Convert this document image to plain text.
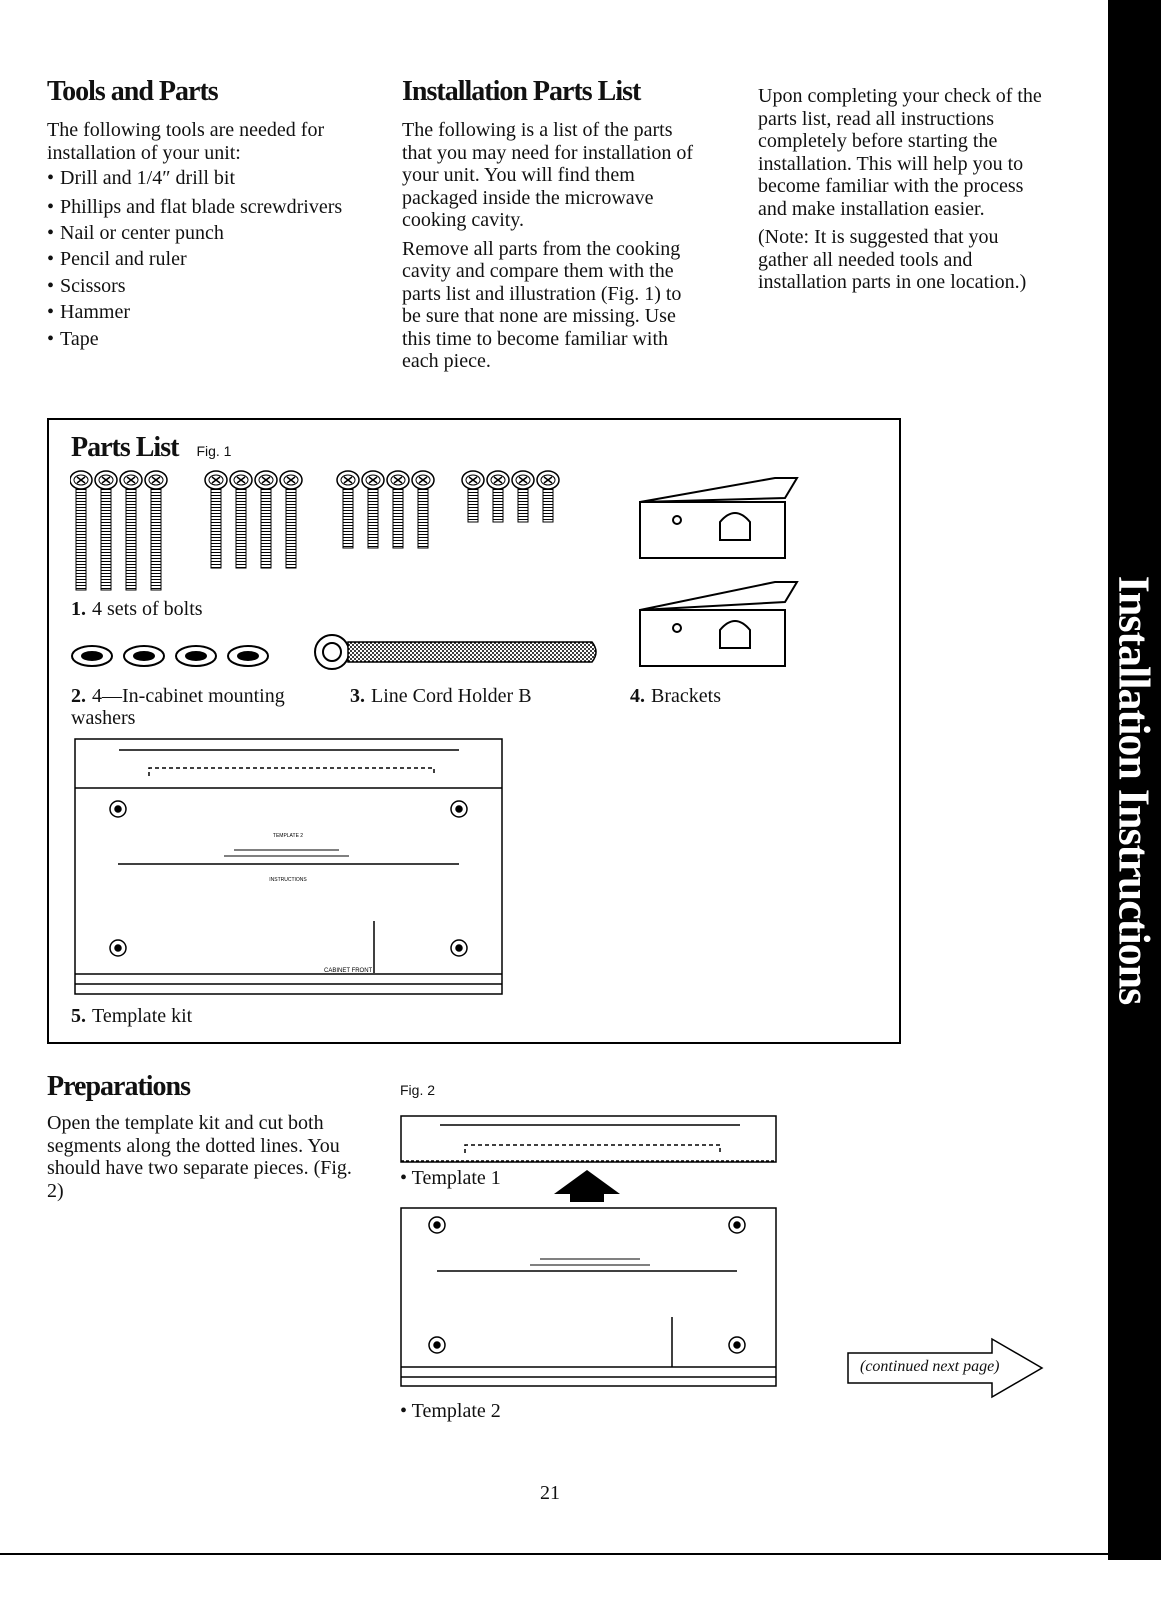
Tools and Parts
The following tools are needed for installation of your unit:
• Drill and 1/4″ drill bit
• Phillips and flat blade screwdrivers
• Nail or center punch
• Pencil and ruler
• Scissors
• Hammer
• Tape
Installation Parts List

The following is a list of the parts that you may need for installation of your unit. You will find them packaged inside the microwave cooking cavity.

Remove all parts from the cooking cavity and compare them with the parts list and illustration (Fig. 1) to be sure that none are missing. Use this time to become familiar with each piece.

Upon completing your check of the parts list, read all instructions completely before starting the installation. This will help you to become familiar with the process and make installation easier.

(Note: It is suggested that you gather all needed tools and installation parts in one location.)

Parts List Fig. 1
1. 4 sets of bolts
2. 4—In-cabinet mounting washers
3. Line Cord Holder B	4. Brackets
TEMPLATE 2
INSTRUCTIONS
CABINET FRONT
5. Template kit
Preparations
Open the template kit and cut both segments along the dotted lines. You should have two separate pieces. (Fig. 2)
Fig. 2
• Template 1
• Template 2
(continued next page)
21
Installation Instructions
